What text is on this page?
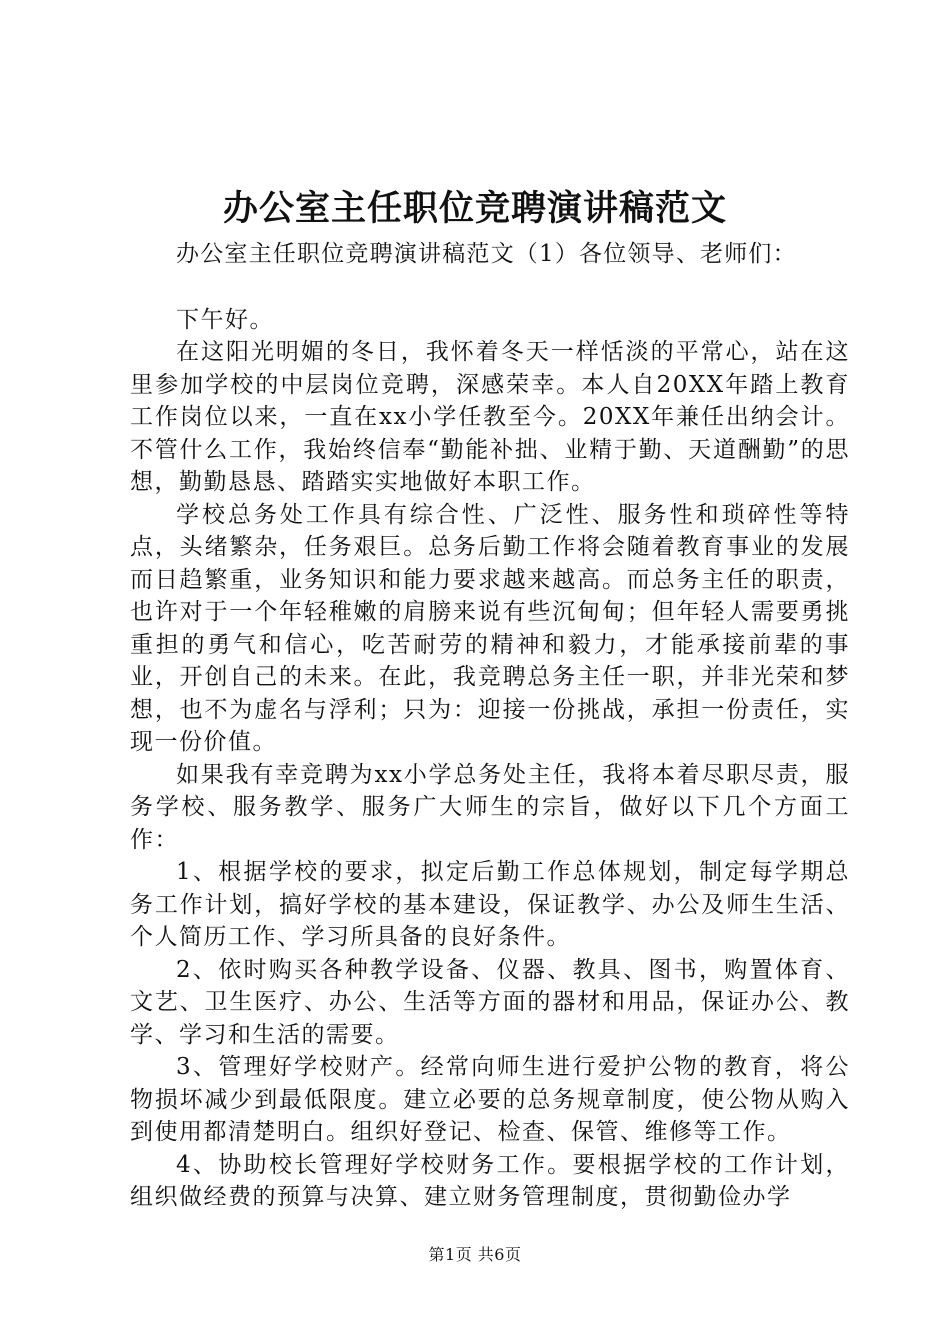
办公室主任职位竞聘演讲稿范文

办公室主任职位竞聘演讲稿范文（1）各位领导、老师们：

下午好。

在这阳光明媚的冬日，我怀着冬天一样恬淡的平常心，站在这里参加学校的中层岗位竞聘，深感荣幸。本人自20XX年踏上教育工作岗位以来，一直在xx小学任教至今。20XX年兼任出纳会计。不管什么工作，我始终信奉“勤能补拙、业精于勤、天道酬勤”的思想，勤勤恳恳、踏踏实实地做好本职工作。

学校总务处工作具有综合性、广泛性、服务性和琐碎性等特点，头绪繁杂，任务艰巨。总务后勤工作将会随着教育事业的发展而日趋繁重，业务知识和能力要求越来越高。而总务主任的职责，也许对于一个年轻稚嫩的肩膀来说有些沉甸甸；但年轻人需要勇挑重担的勇气和信心，吃苦耐劳的精神和毅力，才能承接前辈的事业，开创自己的未来。在此，我竞聘总务主任一职，并非光荣和梦想，也不为虚名与浮利；只为：迎接一份挑战，承担一份责任，实现一份价值。

如果我有幸竞聘为xx小学总务处主任，我将本着尽职尽责，服务学校、服务教学、服务广大师生的宗旨，做好以下几个方面工作：

1、根据学校的要求，拟定后勤工作总体规划，制定每学期总务工作计划，搞好学校的基本建设，保证教学、办公及师生生活、个人简历工作、学习所具备的良好条件。

2、依时购买各种教学设备、仪器、教具、图书，购置体育、文艺、卫生医疗、办公、生活等方面的器材和用品，保证办公、教学、学习和生活的需要。

3、管理好学校财产。经常向师生进行爱护公物的教育，将公物损坏减少到最低限度。建立必要的总务规章制度，使公物从购入到使用都清楚明白。组织好登记、检查、保管、维修等工作。

4、协助校长管理好学校财务工作。要根据学校的工作计划，组织做经费的预算与决算、建立财务管理制度，贯彻勤俭办学

第1页 共6页
